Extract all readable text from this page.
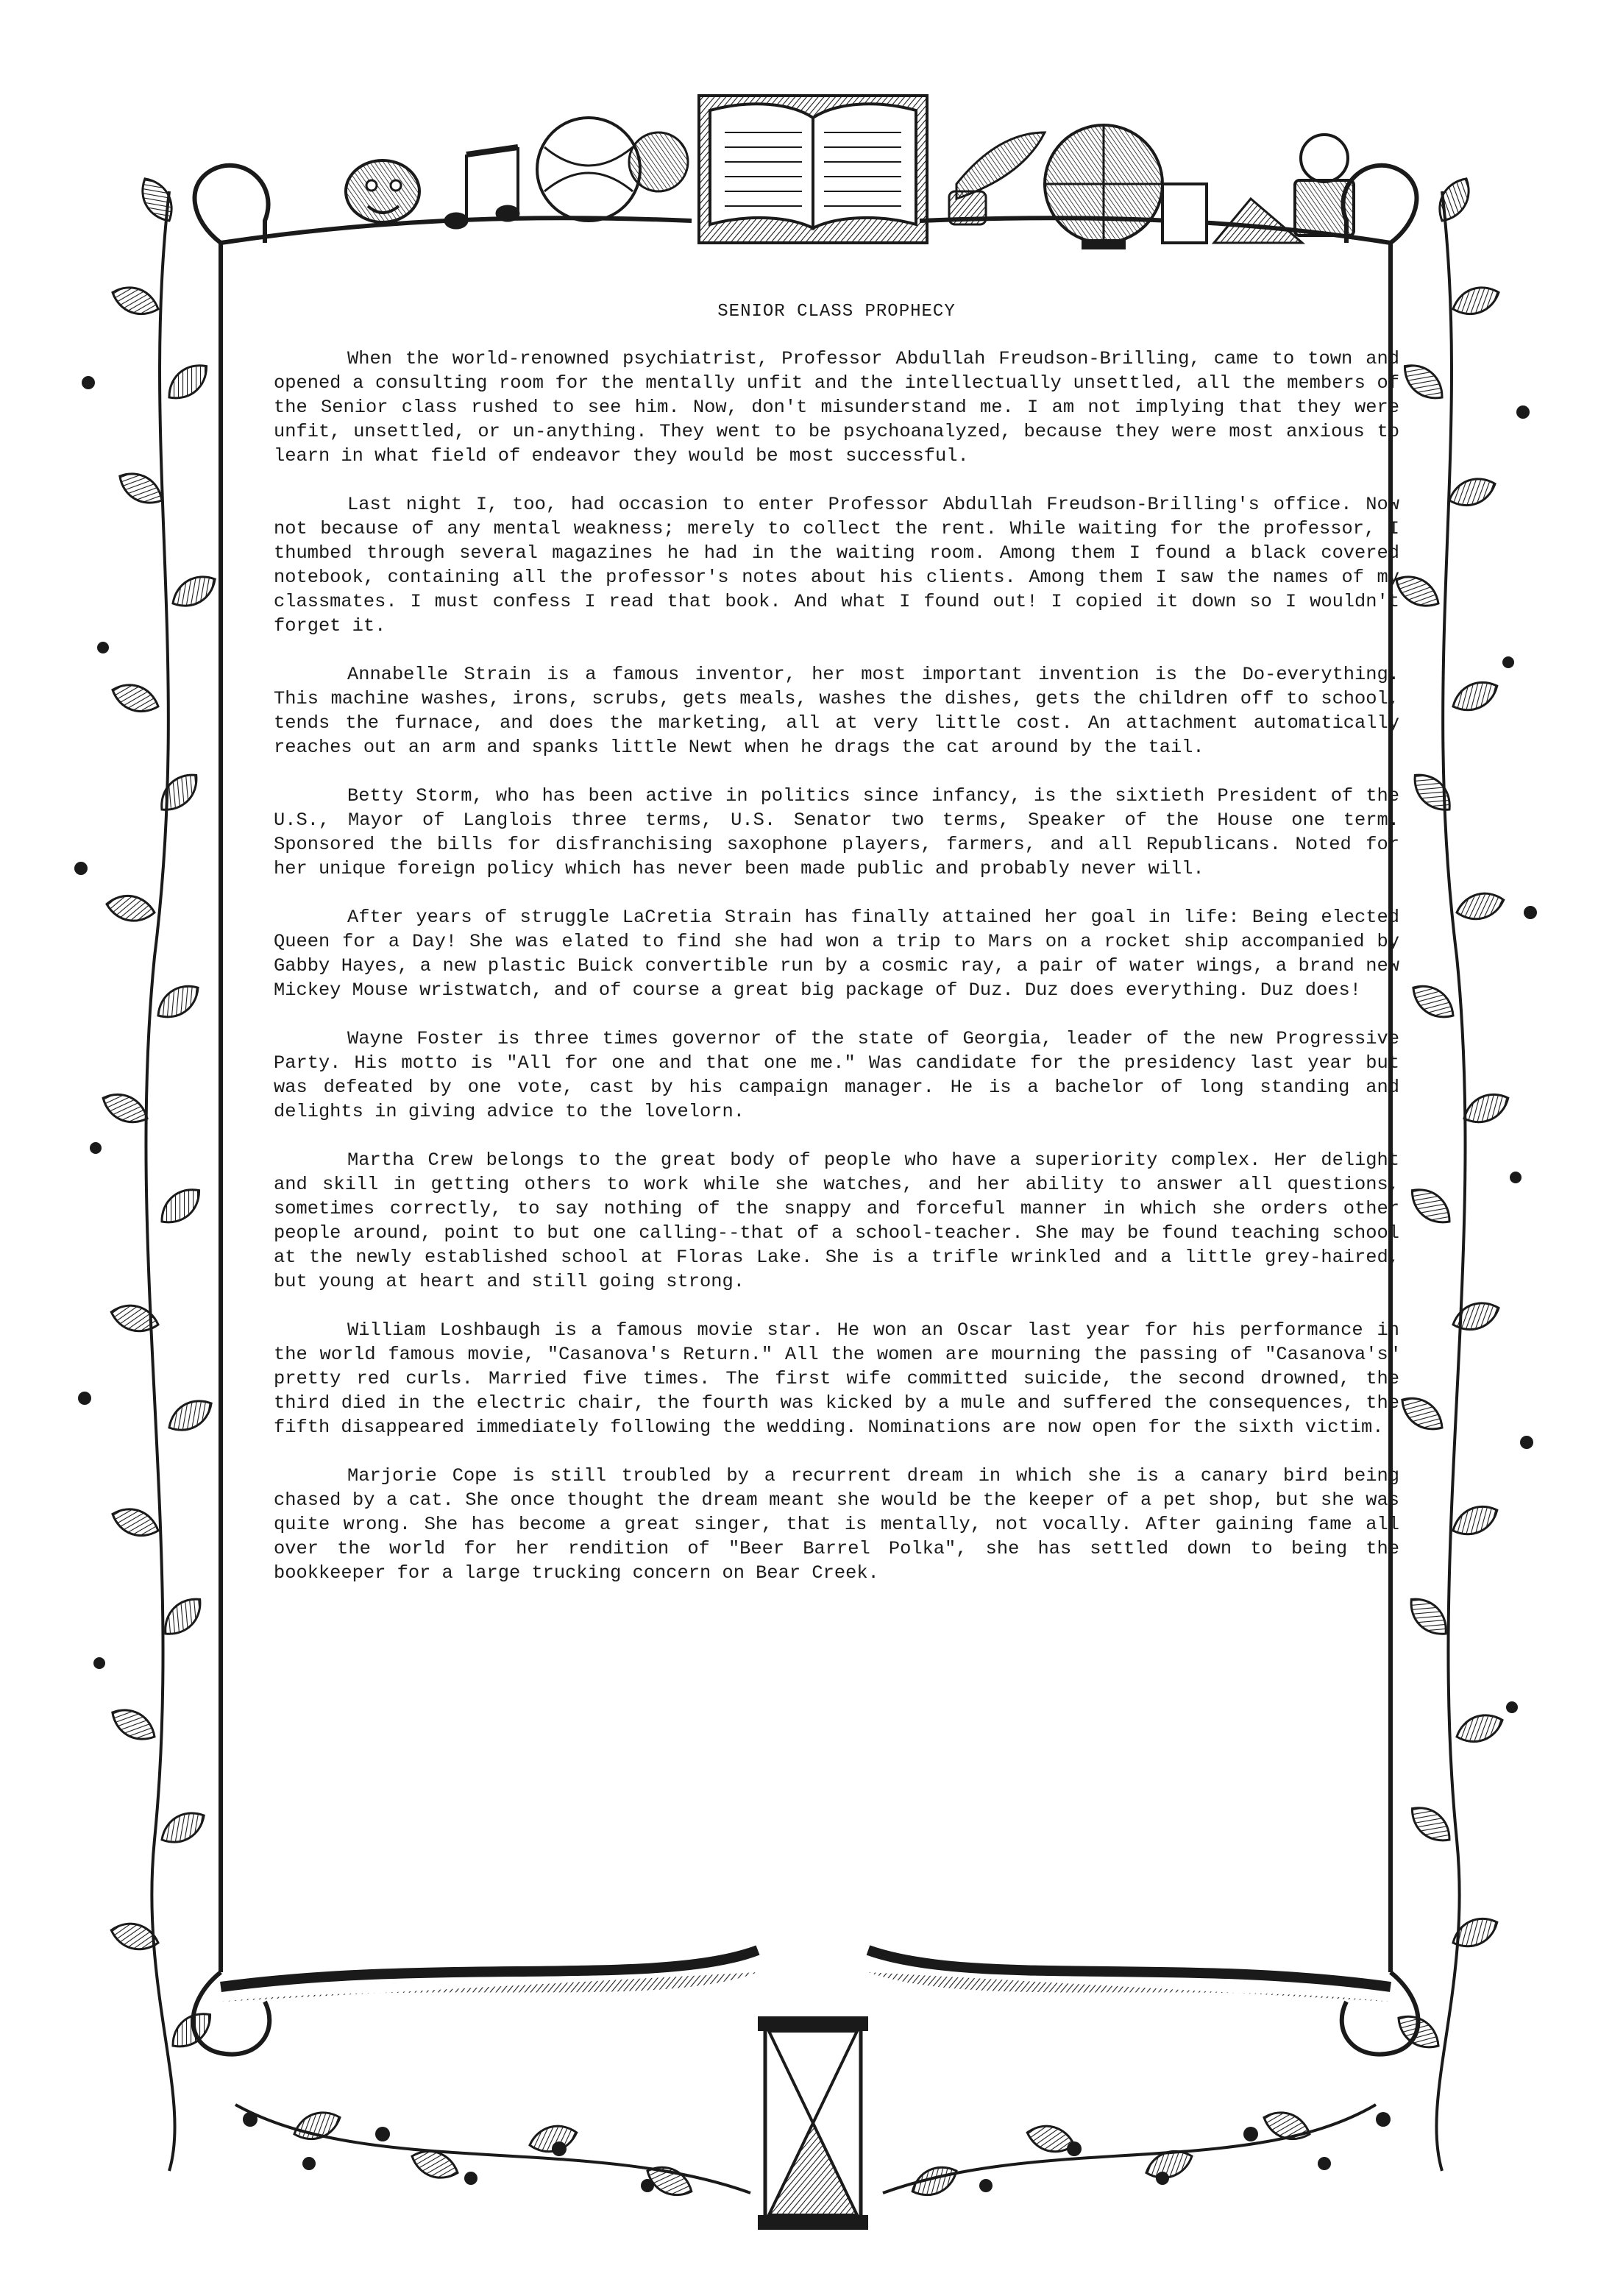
SENIOR CLASS PROPHECY

When the world-renowned psychiatrist, Professor Abdullah Freudson-Brilling, came to town and opened a consulting room for the mentally unfit and the intellectually unsettled, all the members of the Senior class rushed to see him. Now, don't misunderstand me. I am not implying that they were unfit, unsettled, or un-anything. They went to be psychoanalyzed, because they were most anxious to learn in what field of endeavor they would be most successful.

Last night I, too, had occasion to enter Professor Abdullah Freudson-Brilling's office. Now not because of any mental weakness; merely to collect the rent. While waiting for the professor, I thumbed through several magazines he had in the waiting room. Among them I found a black covered notebook, containing all the professor's notes about his clients. Among them I saw the names of my classmates. I must confess I read that book. And what I found out! I copied it down so I wouldn't forget it.

Annabelle Strain is a famous inventor, her most important invention is the Do-everything. This machine washes, irons, scrubs, gets meals, washes the dishes, gets the children off to school, tends the furnace, and does the marketing, all at very little cost. An attachment automatically reaches out an arm and spanks little Newt when he drags the cat around by the tail.

Betty Storm, who has been active in politics since infancy, is the sixtieth President of the U.S., Mayor of Langlois three terms, U.S. Senator two terms, Speaker of the House one term. Sponsored the bills for disfranchising saxophone players, farmers, and all Republicans. Noted for her unique foreign policy which has never been made public and probably never will.

After years of struggle LaCretia Strain has finally attained her goal in life: Being elected Queen for a Day! She was elated to find she had won a trip to Mars on a rocket ship accompanied by Gabby Hayes, a new plastic Buick convertible run by a cosmic ray, a pair of water wings, a brand new Mickey Mouse wristwatch, and of course a great big package of Duz. Duz does everything. Duz does!

Wayne Foster is three times governor of the state of Georgia, leader of the new Progressive Party. His motto is "All for one and that one me." Was candidate for the presidency last year but was defeated by one vote, cast by his campaign manager. He is a bachelor of long standing and delights in giving advice to the lovelorn.

Martha Crew belongs to the great body of people who have a superiority complex. Her delight and skill in getting others to work while she watches, and her ability to answer all questions, sometimes correctly, to say nothing of the snappy and forceful manner in which she orders other people around, point to but one calling--that of a school-teacher. She may be found teaching school at the newly established school at Floras Lake. She is a trifle wrinkled and a little grey-haired, but young at heart and still going strong.

William Loshbaugh is a famous movie star. He won an Oscar last year for his performance in the world famous movie, "Casanova's Return." All the women are mourning the passing of "Casanova's" pretty red curls. Married five times. The first wife committed suicide, the second drowned, the third died in the electric chair, the fourth was kicked by a mule and suffered the consequences, the fifth disappeared immediately following the wedding. Nominations are now open for the sixth victim.

Marjorie Cope is still troubled by a recurrent dream in which she is a canary bird being chased by a cat. She once thought the dream meant she would be the keeper of a pet shop, but she was quite wrong. She has become a great singer, that is mentally, not vocally. After gaining fame all over the world for her rendition of "Beer Barrel Polka", she has settled down to being the bookkeeper for a large trucking concern on Bear Creek.
